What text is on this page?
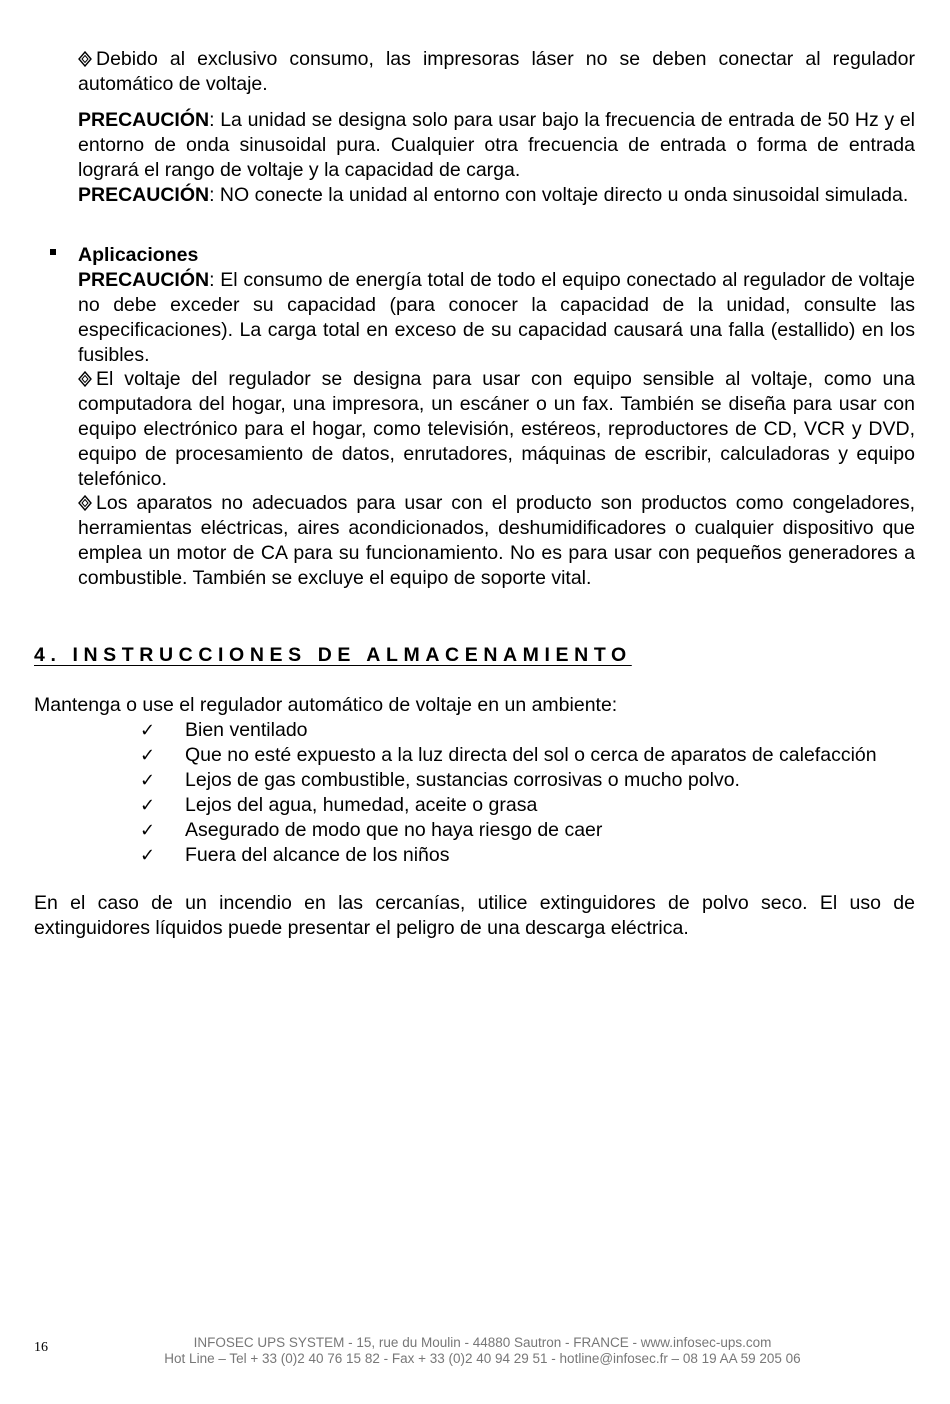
Debido al exclusivo consumo, las impresoras láser no se deben conectar al regulador automático de voltaje.

PRECAUCIÓN: La unidad se designa solo para usar bajo la frecuencia de entrada de 50 Hz y el entorno de onda sinusoidal pura. Cualquier otra frecuencia de entrada o forma de entrada logrará el rango de voltaje y la capacidad de carga.

PRECAUCIÓN: NO conecte la unidad al entorno con voltaje directo u onda sinusoidal simulada.

Aplicaciones

PRECAUCIÓN: El consumo de energía total de todo el equipo conectado al regulador de voltaje no debe exceder su capacidad (para conocer la capacidad de la unidad, consulte las especificaciones). La carga total en exceso de su capacidad causará una falla (estallido) en los fusibles.

El voltaje del regulador se designa para usar con equipo sensible al voltaje, como una computadora del hogar, una impresora, un escáner o un fax. También se diseña para usar con equipo electrónico para el hogar, como televisión, estéreos, reproductores de CD, VCR y DVD, equipo de procesamiento de datos, enrutadores, máquinas de escribir, calculadoras y equipo telefónico.

Los aparatos no adecuados para usar con el producto son productos como congeladores, herramientas eléctricas, aires acondicionados, deshumidificadores o cualquier dispositivo que emplea un motor de CA para su funcionamiento. No es para usar con pequeños generadores a combustible. También se excluye el equipo de soporte vital.

4. INSTRUCCIONES DE ALMACENAMIENTO

Mantenga o use el regulador automático de voltaje en un ambiente:

✓ Bien ventilado
✓ Que no esté expuesto a la luz directa del sol o cerca de aparatos de calefacción
✓ Lejos de gas combustible, sustancias corrosivas o mucho polvo.
✓ Lejos del agua, humedad, aceite o grasa
✓ Asegurado de modo que no haya riesgo de caer
✓ Fuera del alcance de los niños

En el caso de un incendio en las cercanías, utilice extinguidores de polvo seco. El uso de extinguidores líquidos puede presentar el peligro de una descarga eléctrica.

16	INFOSEC UPS SYSTEM - 15, rue du Moulin - 44880 Sautron - FRANCE - www.infosec-ups.com
Hot Line – Tel + 33 (0)2 40 76 15 82 - Fax + 33 (0)2 40 94 29 51 - hotline@infosec.fr – 08 19 AA 59 205 06
